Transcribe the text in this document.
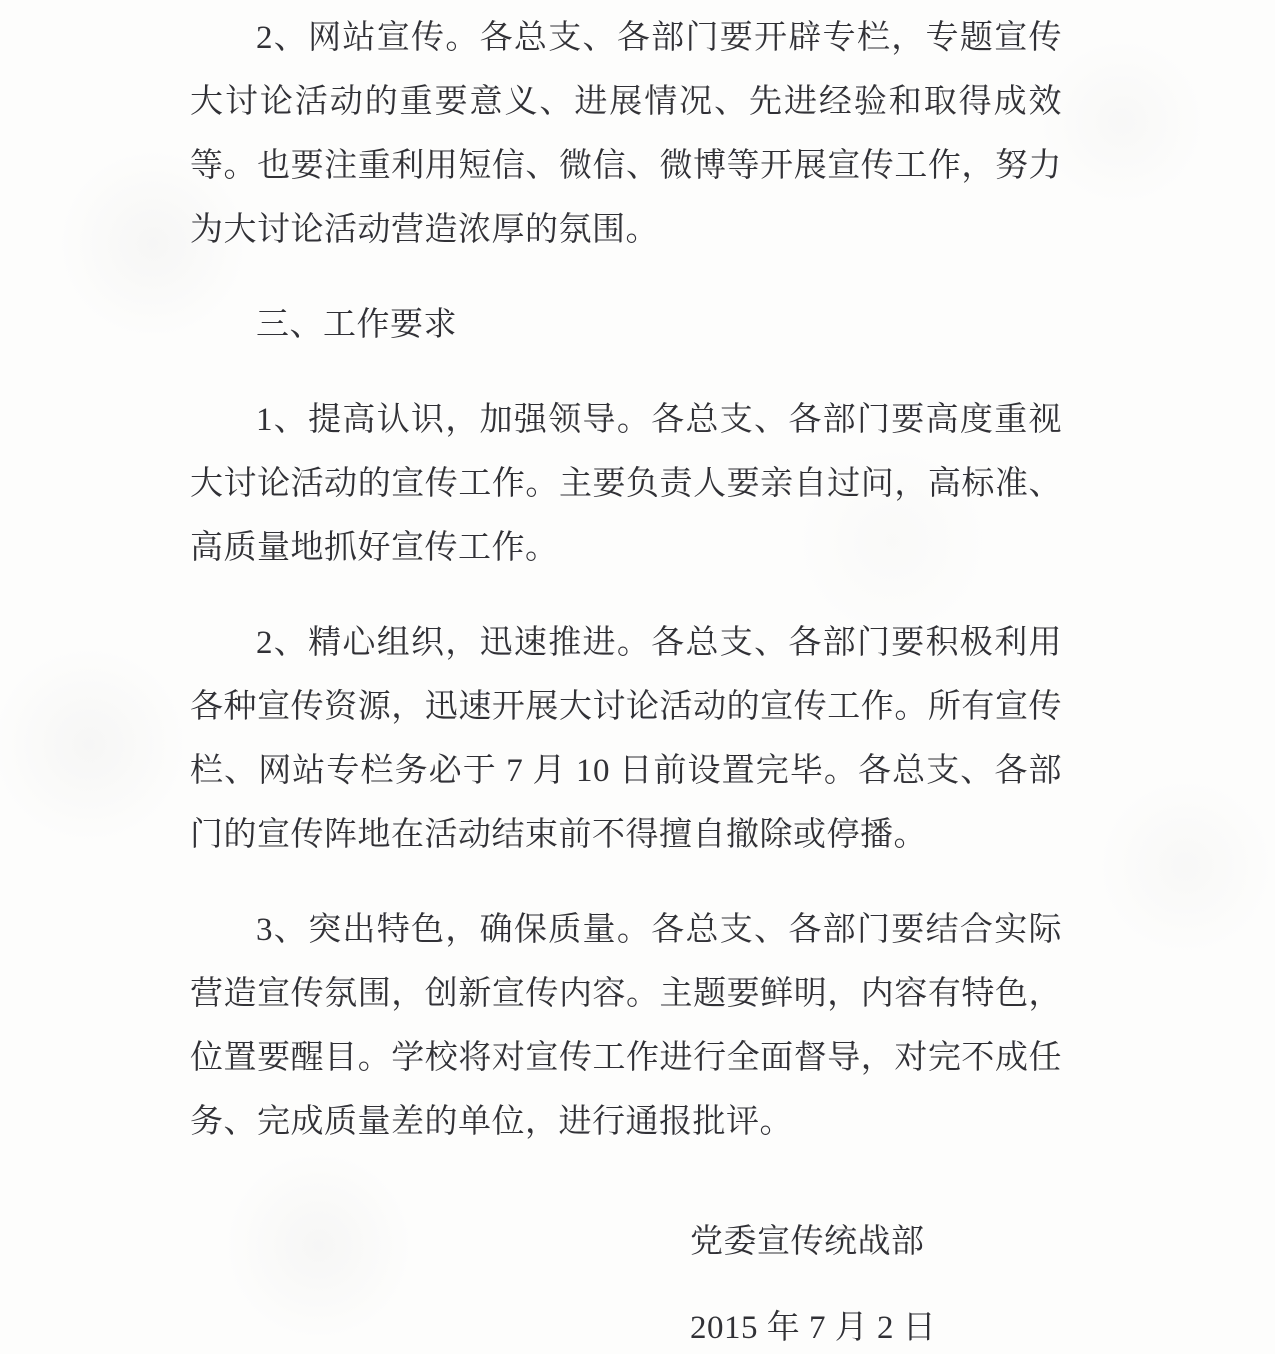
2、网站宣传。各总支、各部门要开辟专栏，专题宣传大讨论活动的重要意义、进展情况、先进经验和取得成效等。也要注重利用短信、微信、微博等开展宣传工作，努力为大讨论活动营造浓厚的氛围。

三、工作要求

1、提高认识，加强领导。各总支、各部门要高度重视大讨论活动的宣传工作。主要负责人要亲自过问，高标准、高质量地抓好宣传工作。

2、精心组织，迅速推进。各总支、各部门要积极利用各种宣传资源，迅速开展大讨论活动的宣传工作。所有宣传栏、网站专栏务必于 7 月 10 日前设置完毕。各总支、各部门的宣传阵地在活动结束前不得擅自撤除或停播。

3、突出特色，确保质量。各总支、各部门要结合实际营造宣传氛围，创新宣传内容。主题要鲜明，内容有特色，位置要醒目。学校将对宣传工作进行全面督导，对完不成任务、完成质量差的单位，进行通报批评。

党委宣传统战部

2015 年 7 月 2 日
